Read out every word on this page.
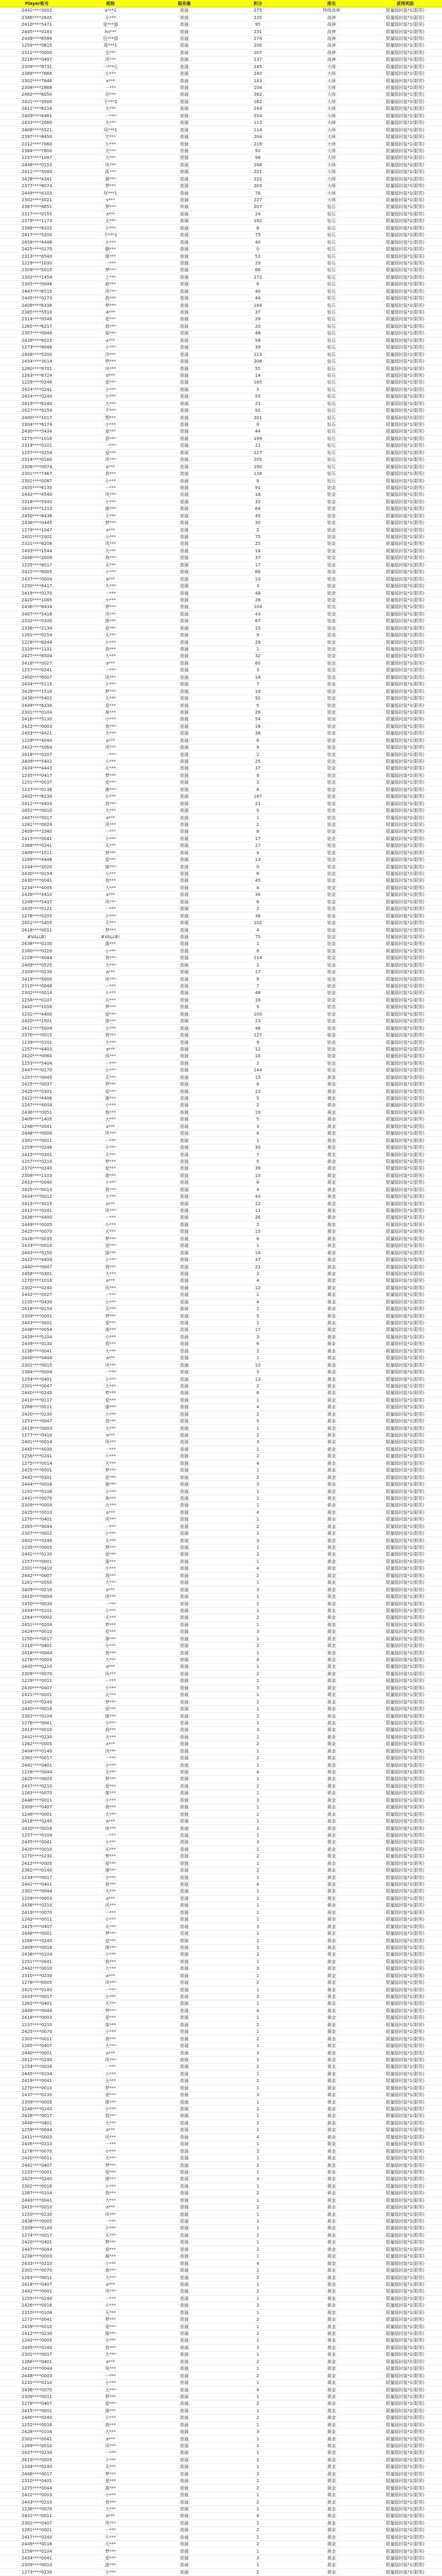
Player账号	昵称	服务器	积分	排名	获得奖励
2441****3002	a***1	普通	275	特级战神	限量版时装*1(限男)
2386****2645	小***	普通	235	战神	限量版时装*1(限男)
2410****5471	爱***猫	普通	95	战神	限量版时装*1(限男)
2445****0183	ho***	普通	231	战神	限量版时装*1(限男)
2449****6589	狂***情	普通	274	战神	限量版时装*1(限男)
1259****0615	周***1	普通	200	战神	限量版时装*1(限男)
2311****0000	宝***	普通	207	战神	限量版时装*1(限男)
2216****0497	风***	普通	137	战神	限量版时装*1(限男)
2309****9731	一***心	普通	245	大师	限量版时装*1(限男)
2389****7666	小***	普通	240	大师	限量版时装*1(限男)
2302****7846	a***	普通	143	大师	限量版时装*1(限男)
2308****2868	一***	普通	104	大师	限量版时装*1(限男)
2462****6050	吊***	普通	262	大师	限量版时装*1(限男)
2421****3500	不***2	普通	162	大师	限量版时装*1(限男)
2411****6216	大***	普通	243	大师	限量版时装*1(限男)
2409****4461	一***	普通	254	大师	限量版时装*1(限男)
2433****2080	大***	普通	113	大师	限量版时装*1(限男)
2408****5521	风***1	普通	114	大师	限量版时装*1(限男)
2397****8450	宇***	普通	204	大师	限量版时装*1(限男)
2312****7060	小***	普通	219	大师	限量版时装*1(限男)
2384****7600	无***	普通	92	大师	限量版时装*1(限男)
1257****1047	大***	普通	98	大师	限量版时装*1(限男)
2448****0153	风***	普通	248	大师	限量版时装*1(限男)
2411****5040	孤***	普通	221	大师	限量版时装*1(限男)
2428****4341	晨***	普通	222	大师	限量版时装*1(限男)
2377****8074	梦***	普通	203	大师	限量版时装*1(限男)
2449****4103	好***1	普通	76	大师	限量版时装*1(限男)
2302****3021	s***	普通	227	大师	限量版时装*1(限男)
2387****4651	梦***	普通	207	钻石	限量版时装*1(限男)
2317****0155	a***	普通	24	钻石	限量版时装*1(限男)
2379****1173	天***	普通	182	钻石	限量版时装*1(限男)
2388****8102	小***	普通	6	钻石	限量版时装*1(限男)
2417****5200	不***1	普通	75	钻石	限量版时装*1(限男)
2459****4448	小***	普通	40	钻石	限量版时装*1(限男)
2425****0170	静***	普通	0	钻石	限量版时装*1(限男)
2313****6540	落***	普通	53	钻石	限量版时装*1(限男)
1229****1030	一***	普通	29	钻石	限量版时装*1(限男)
2309****5015	梦***	普通	66	钻石	限量版时装*1(限男)
2302****1454	上***	普通	172	钻石	限量版时装*1(限男)
2305****0046	暗***	普通	6	钻石	限量版时装*1(限男)
2447****6515	风***	普通	40	钻石	限量版时装*1(限男)
2445****0173	我***	普通	44	钻石	限量版时装*1(限男)
2409****6338	梦***	普通	184	钻石	限量版时装*1(限男)
2385****5510	A***	普通	37	钻石	限量版时装*1(限男)
2314****0548	花***	普通	28	钻石	限量版时装*1(限男)
1265****6217	我***	普通	20	钻石	限量版时装*1(限男)
2307****0049	菊***	普通	48	钻石	限量版时装*1(限男)
2439****6015	a***	普通	58	钻石	限量版时装*1(限男)
1273****8048	小***	普通	39	钻石	限量版时装*1(限男)
2448****5200	冷***	普通	213	钻石	限量版时装*1(限男)
2454****3014	梦***	普通	208	钻石	限量版时装*1(限男)
1260****9701	风***	普通	55	钻石	限量版时装*1(限男)
1263****6724	d***	普通	14	钻石	限量版时装*1(限男)
1229****0246	爱***	普通	165	钻石	限量版时装*1(限男)
2424****0241	小***	普通	5	钻石	限量版时装*1(限男)
2424****0240	小***	普通	55	钻石	限量版时装*1(限男)
2419****6140	大***	普通	21	钻石	限量版时装*1(限男)
2427****0154	不***	普通	92	钻石	限量版时装*1(限男)
2400****1017	想***	普通	201	钻石	限量版时装*1(限男)
2304****6174	小***	普通	8	钻石	限量版时装*1(限男)
2430****5434	爱***	普通	44	钻石	限量版时装*1(限男)
1275****1018	香***	普通	199	钻石	限量版时装*1(限男)
2319****0101	一***	普通	21	钻石	限量版时装*1(限男)
1257****0254	爱***	普通	227	钻石	限量版时装*1(限男)
2314****0160	风***	普通	205	钻石	限量版时装*1(限男)
2306****0074	a***	普通	190	钻石	限量版时装*1(限男)
2301****7467	我***	普通	139	钻石	限量版时装*1(限男)
2301****0087	小***	普通	8	钻石	限量版时装*1(限男)
2455****6135	一***	普通	91	铂金	限量版时装*1(限男)
2442****4540	风***	普通	18	铂金	限量版时装*1(限男)
2318****5540	小***	普通	32	铂金	限量版时装*1(限男)
2433****1213	落***	普通	64	铂金	限量版时装*1(限男)
2450****6436	天***	普通	45	铂金	限量版时装*1(限男)
2436****0445	梦***	普通	30	铂金	限量版时装*1(限男)
1279****1047	a***	普通	2	铂金	限量版时装*1(限男)
2401****2001	小***	普通	75	铂金	限量版时装*1(限男)
2321****8206	风***	普通	25	铂金	限量版时装*1(限男)
2403****1544	大***	普通	18	铂金	限量版时装*1(限男)
2446****2009	我***	普通	37	铂金	限量版时装*1(限男)
1225****8017	天***	普通	17	铂金	限量版时装*1(限男)
2422****6005	小***	普通	66	铂金	限量版时装*1(限男)
2437****0004	a***	普通	10	铂金	限量版时装*1(限男)
1250****6417	大***	普通	3	铂金	限量版时装*1(限男)
2419****0170	一***	普通	48	铂金	限量版时装*1(限男)
2420****1065	小***	普通	26	铂金	限量版时装*1(限男)
2436****8434	梦***	普通	104	铂金	限量版时装*1(限男)
2407****5418	风***	普通	43	铂金	限量版时装*1(限男)
2332****0300	落***	普通	67	铂金	限量版时装*1(限男)
2336****2134	爱***	普通	15	铂金	限量版时装*1(限男)
1261****0154	天***	普通	9	铂金	限量版时装*1(限男)
1228****8244	小***	普通	29	铂金	限量版时装*1(限男)
2329****1131	我***	普通	1	铂金	限量版时装*1(限男)
2427****6504	大***	普通	32	铂金	限量版时装*1(限男)
2418****0027	a***	普通	80	铂金	限量版时装*1(限男)
1257****0241	一***	普通	3	铂金	限量版时装*1(限男)
2450****6007	风***	普通	18	铂金	限量版时装*1(限男)
2434****5115	小***	普通	7	铂金	限量版时装*1(限男)
2429****1510	梦***	普通	10	铂金	限量版时装*1(限男)
2436****5402	天***	普通	92	铂金	限量版时装*1(限男)
2449****6330	爱***	普通	5	铂金	限量版时装*1(限男)
2301****0104	落***	普通	26	铂金	限量版时装*1(限男)
2416****5130	小***	普通	54	铂金	限量版时装*1(限男)
2422****0003	我***	普通	16	铂金	限量版时装*1(限男)
2453****4421	大***	普通	38	铂金	限量版时装*1(限男)
1229****4040	a***	普通	6	铂金	限量版时装*1(限男)
2422****5064	风***	普通	9	铂金	限量版时装*1(限男)
2418****0207	一***	普通	2	铂金	限量版时装*1(限男)
2409****5402	小***	普通	25	铂金	限量版时装*1(限男)
2434****4443	天***	普通	37	铂金	限量版时装*1(限男)
1235****0417	梦***	普通	9	铂金	限量版时装*1(限男)
1251****0037	爱***	普通	3	铂金	限量版时装*1(限男)
1227****0136	落***	普通	6	铂金	限量版时装*1(限男)
2402****6230	小***	普通	187	铂金	限量版时装*1(限男)
2411****4403	我***	普通	21	铂金	限量版时装*1(限男)
2451****0010	大***	普通	5	铂金	限量版时装*1(限男)
2407****5017	a***	普通	1	铂金	限量版时装*1(限男)
1261****0024	风***	普通	2	铂金	限量版时装*1(限男)
2409****3340	一***	普通	8	铂金	限量版时装*1(限男)
2415****0041	小***	普通	17	铂金	限量版时装*1(限男)
2368****0241	天***	普通	27	铂金	限量版时装*1(限男)
2409****1511	梦***	普通	4	铂金	限量版时装*1(限男)
1249****4448	爱***	普通	13	铂金	限量版时装*1(限男)
1244****2020	落***	普通	0	铂金	限量版时装*1(限男)
2430****0154	小***	普通	8	铂金	限量版时装*1(限男)
2430****0041	我***	普通	45	铂金	限量版时装*1(限男)
1234****4005	大***	普通	4	铂金	限量版时装*1(限男)
2426****4410	a***	普通	36	铂金	限量版时装*1(限男)
1249****5437	风***	普通	6	铂金	限量版时装*1(限男)
2435****0121	一***	普通	2	铂金	限量版时装*1(限男)
1278****0205	小***	普通	36	铂金	限量版时装*1(限男)
2451****5455	天***	普通	102	铂金	限量版时装*1(限男)
2418****0011	梦***	普通	4	铂金	限量版时装*1(限男)
#VALUE!	#VALUE!	普通	75	铂金	限量版时装*1(限男)
2438****0100	落***	普通	1	铂金	限量版时装*1(限男)
2380****0220	小***	普通	8	铂金	限量版时装*1(限男)
1228****4044	我***	普通	114	铂金	限量版时装*1(限男)
2409****0525	大***	普通	2	铂金	限量版时装*1(限男)
2309****0230	a***	普通	17	铂金	限量版时装*1(限男)
2419****5000	风***	普通	9	铂金	限量版时装*1(限男)
2310****0048	一***	普通	7	铂金	限量版时装*1(限男)
2302****0014	小***	普通	48	铂金	限量版时装*1(限男)
1256****0107	天***	普通	16	铂金	限量版时装*1(限男)
2442****1016	梦***	普通	5	铂金	限量版时装*1(限男)
1231****4400	爱***	普通	100	铂金	限量版时装*1(限男)
2420****1501	落***	普通	23	铂金	限量版时装*1(限男)
2411****5004	小***	普通	46	铂金	限量版时装*1(限男)
2370****0015	我***	普通	127	铂金	限量版时装*1(限男)
1239****0101	大***	普通	9	铂金	限量版时装*1(限男)
1257****4403	a***	普通	12	铂金	限量版时装*1(限男)
2420****0060	风***	普通	10	铂金	限量版时装*1(限男)
1253****5404	一***	普通	2	铂金	限量版时装*1(限男)
2447****0170	小***	普通	144	铂金	限量版时装*1(限男)
1257****0045	天***	普通	15	黄金	限量版时装*1(限男)
2425****0037	梦***	普通	8	黄金	限量版时装*1(限男)
2425****0301	爱***	普通	23	黄金	限量版时装*1(限男)
2422****4406	落***	普通	5	黄金	限量版时装*1(限男)
1247****4004	小***	普通	2	黄金	限量版时装*1(限男)
2436****0051	我***	普通	19	黄金	限量版时装*1(限男)
2409****1405	大***	普通	5	黄金	限量版时装*1(限男)
1248****0041	a***	普通	3	黄金	限量版时装*1(限男)
2448****0006	风***	普通	8	黄金	限量版时装*1(限男)
2301****0011	一***	普通	1	黄金	限量版时装*1(限男)
1259****0246	小***	普通	30	黄金	限量版时装*1(限男)
2415****0301	天***	普通	7	黄金	限量版时装*1(限男)
1257****0210	梦***	普通	5	黄金	限量版时装*1(限男)
2370****0240	爱***	普通	39	黄金	限量版时装*1(限男)
2308****1103	落***	普通	10	黄金	限量版时装*1(限男)
2433****0040	小***	普通	6	黄金	限量版时装*1(限男)
2425****0013	我***	普通	4	黄金	限量版时装*1(限男)
2434****0012	大***	普通	43	黄金	限量版时装*1(限男)
2413****3015	a***	普通	12	黄金	限量版时装*1(限男)
2412****0241	风***	普通	11	黄金	限量版时装*1(限男)
2438****4400	一***	普通	26	黄金	限量版时装*1(限男)
2449****0005	小***	普通	2	黄金	限量版时装*1(限男)
2425****0070	天***	普通	15	黄金	限量版时装*1(限男)
2426****0035	梦***	普通	8	黄金	限量版时装*1(限男)
2433****0010	爱***	普通	1	黄金	限量版时装*1(限男)
2443****0150	落***	普通	14	黄金	限量版时装*1(限男)
2422****4404	小***	普通	37	黄金	限量版时装*1(限男)
2440****0047	我***	普通	21	黄金	限量版时装*1(限男)
2458****0301	大***	普通	3	黄金	限量版时装*1(限男)
1270****1016	a***	普通	4	黄金	限量版时装*1(限男)
2302****0240	风***	普通	12	黄金	限量版时装*1(限男)
2442****0027	一***	普通	1	黄金	限量版时装*1(限男)
1235****0430	小***	普通	4	黄金	限量版时装*1(限男)
2418****0154	天***	普通	2	黄金	限量版时装*1(限男)
2309****0001	梦***	普通	5	黄金	限量版时装*1(限男)
2443****3001	爱***	普通	1	黄金	限量版时装*1(限男)
2448****0054	落***	普通	17	黄金	限量版时装*1(限男)
2439****5104	小***	普通	3	黄金	限量版时装*1(限男)
2449****0130	我***	普通	6	黄金	限量版时装*1(限男)
1236****0041	大***	普通	2	黄金	限量版时装*1(限男)
2440****0404	a***	普通	1	黄金	限量版时装*1(限男)
2301****0015	风***	普通	10	黄金	限量版时装*1(限男)
2364****0004	一***	普通	3	黄金	限量版时装*1(限男)
1254****0401	小***	普通	13	黄金	限量版时装*1(限男)
2301****0047	天***	普通	2	黄金	限量版时装*1(限男)
2440****0240	梦***	普通	6	黄金	限量版时装*1(限男)
2410****0117	爱***	普通	1	黄金	限量版时装*1(限男)
1268****0011	落***	普通	4	黄金	限量版时装*1(限男)
2420****0230	小***	普通	2	黄金	限量版时装*1(限男)
1253****0047	我***	普通	5	黄金	限量版时装*1(限男)
2419****0003	大***	普通	1	黄金	限量版时装*1(限男)
1277****0410	a***	普通	2	黄金	限量版时装*1(限男)
2401****0014	风***	普通	3	黄金	限量版时装*1(限男)
2445****4030	一***	普通	1	黄金	限量版时装*1(限男)
1256****0241	小***	普通	2	黄金	限量版时装*1(限男)
1275****0014	天***	普通	4	黄金	限量版时装*1(限男)
2425****0001	梦***	普通	1	黄金	限量版时装*1(限男)
2442****0301	爱***	普通	2	黄金	限量版时装*1(限男)
2444****0016	落***	普通	3	黄金	限量版时装*1(限男)
1241****0106	小***	普通	1	黄金	限量版时装*1(限男)
2441****0070	我***	普通	2	黄金	限量版时装*1(限男)
2309****0004	大***	普通	1	黄金	限量版时装*1(限男)
2425****0010	a***	普通	4	黄金	限量版时装*1(限男)
1270****0401	风***	普通	1	黄金	限量版时装*1(限男)
2365****0044	一***	普通	2	黄金	限量版时装*1(限男)
2307****0002	小***	普通	1	黄金	限量版时装*1(限男)
2402****0240	天***	普通	3	黄金	限量版时装*1(限男)
1235****0005	梦***	普通	1	黄金	限量版时装*1(限男)
2441****0130	爱***	普通	2	黄金	限量版时装*1(限男)
1257****0001	落***	普通	1	黄金	限量版时装*1(限男)
2301****0410	小***	普通	4	黄金	限量版时装*1(限男)
2442****0007	我***	普通	2	黄金	限量版时装*1(限男)
1261****0050	大***	普通	1	黄金	限量版时装*1(限男)
2409****0210	a***	普通	3	黄金	限量版时装*1(限男)
2410****0004	风***	普通	1	黄金	限量版时装*1(限男)
2450****0030	一***	普通	2	黄金	限量版时装*1(限男)
2434****0101	小***	普通	1	黄金	限量版时装*1(限男)
1264****0002	天***	普通	2	黄金	限量版时装*1(限男)
2451****0204	梦***	普通	1	黄金	限量版时装*1(限男)
2424****0010	爱***	普通	3	黄金	限量版时装*1(限男)
1250****0017	落***	普通	1	黄金	限量版时装*1(限男)
2310****0401	小***	普通	2	黄金	限量版时装*1(限男)
2418****0044	我***	普通	1	黄金	限量版时装*1(限男)
1278****0003	大***	普通	4	黄金	限量版时装*1(限男)
2445****0210	a***	普通	1	黄金	限量版时装*1(限男)
2309****0070	风***	普通	2	黄金	限量版时装*1(限男)
1229****0011	一***	普通	1	黄金	限量版时装*1(限男)
2430****0407	小***	普通	3	黄金	限量版时装*1(限男)
2421****0001	天***	普通	1	黄金	限量版时装*1(限男)
1245****0240	梦***	普通	2	黄金	限量版时装*1(限男)
2440****0016	爱***	普通	1	黄金	限量版时装*1(限男)
2302****0104	落***	普通	2	黄金	限量版时装*1(限男)
1276****0041	小***	普通	1	黄金	限量版时装*1(限男)
2413****0010	我***	普通	3	黄金	限量版时装*1(限男)
2442****0230	大***	普通	1	黄金	限量版时装*1(限男)
1262****0005	a***	普通	2	黄金	限量版时装*1(限男)
2404****0140	风***	普通	1	黄金	限量版时装*1(限男)
2361****0017	一***	普通	2	黄金	限量版时装*1(限男)
2441****0401	小***	普通	1	黄金	限量版时装*1(限男)
1228****0044	天***	普通	4	黄金	限量版时装*1(限男)
2425****0003	梦***	普通	1	黄金	限量版时装*1(限男)
2437****0210	爱***	普通	2	黄金	限量版时装*1(限男)
1263****0070	落***	普通	1	黄金	限量版时装*1(限男)
2448****0011	小***	普通	3	黄金	限量版时装*1(限男)
2309****0407	我***	普通	1	黄金	限量版时装*1(限男)
1248****0001	大***	普通	2	黄金	限量版时装*1(限男)
2418****0240	a***	普通	1	黄金	限量版时装*1(限男)
2430****0016	风***	普通	2	黄金	限量版时装*1(限男)
1257****0104	一***	普通	1	黄金	限量版时装*1(限男)
2445****0041	小***	普通	3	黄金	限量版时装*1(限男)
2420****0010	天***	普通	1	黄金	限量版时装*1(限男)
1270****0230	梦***	普通	2	黄金	限量版时装*1(限男)
2412****0005	爱***	普通	1	黄金	限量版时装*1(限男)
2362****0140	落***	普通	2	黄金	限量版时装*1(限男)
1234****0017	小***	普通	1	黄金	限量版时装*1(限男)
2441****0401	我***	普通	4	黄金	限量版时装*1(限男)
2301****0044	大***	普通	1	黄金	限量版时装*1(限男)
1259****0003	a***	普通	2	黄金	限量版时装*1(限男)
2438****0210	风***	普通	1	黄金	限量版时装*1(限男)
2419****0070	一***	普通	2	黄金	限量版时装*1(限男)
1243****0011	小***	普通	1	黄金	限量版时装*1(限男)
2425****0407	天***	普通	3	黄金	限量版时装*1(限男)
2448****0001	梦***	普通	1	黄金	限量版时装*1(限男)
1268****0240	爱***	普通	2	黄金	限量版时装*1(限男)
2409****0016	落***	普通	1	黄金	限量版时装*1(限男)
2436****0104	小***	普通	2	黄金	限量版时装*1(限男)
1251****0041	我***	普通	1	黄金	限量版时装*1(限男)
2442****0010	大***	普通	3	黄金	限量版时装*1(限男)
2310****0230	a***	普通	1	黄金	限量版时装*1(限男)
1276****0005	风***	普通	2	黄金	限量版时装*1(限男)
2421****0140	一***	普通	1	黄金	限量版时装*1(限男)
2433****0017	小***	普通	2	黄金	限量版时装*1(限男)
1262****0401	天***	普通	1	黄金	限量版时装*1(限男)
2449****0044	梦***	普通	4	黄金	限量版时装*1(限男)
2418****0003	爱***	普通	1	黄金	限量版时装*1(限男)
1237****0210	落***	普通	2	黄金	限量版时装*1(限男)
2425****0070	小***	普通	1	黄金	限量版时装*1(限男)
2302****0011	我***	普通	2	黄金	限量版时装*1(限男)
1265****0407	大***	普通	1	黄金	限量版时装*1(限男)
2440****0001	a***	普通	3	黄金	限量版时装*1(限男)
2412****0240	风***	普通	1	黄金	限量版时装*1(限男)
1254****0016	一***	普通	2	黄金	限量版时装*1(限男)
2445****0104	小***	普通	1	黄金	限量版时装*1(限男)
2419****0041	天***	普通	2	黄金	限量版时装*1(限男)
1270****0010	梦***	普通	1	黄金	限量版时装*1(限男)
2437****0230	爱***	普通	3	黄金	限量版时装*1(限男)
2309****0005	落***	普通	1	黄金	限量版时装*1(限男)
1246****0140	小***	普通	2	黄金	限量版时装*1(限男)
2428****0017	我***	普通	1	黄金	限量版时装*1(限男)
2448****0401	大***	普通	2	黄金	限量版时装*1(限男)
1259****0044	a***	普通	1	黄金	限量版时装*1(限男)
2411****0003	风***	普通	4	黄金	限量版时装*1(限男)
2436****0210	一***	普通	1	黄金	限量版时装*1(限男)
1278****0070	小***	普通	2	黄金	限量版时装*1(限男)
2420****0011	天***	普通	1	黄金	限量版时装*1(限男)
2441****0407	梦***	普通	2	黄金	限量版时装*1(限男)
1233****0001	爱***	普通	1	黄金	限量版时装*1(限男)
2425****0240	落***	普通	3	黄金	限量版时装*1(限男)
2302****0016	小***	普通	1	黄金	限量版时装*1(限男)
1267****0104	我***	普通	2	黄金	限量版时装*1(限男)
2443****0041	大***	普通	1	黄金	限量版时装*1(限男)
2415****0010	a***	普通	2	黄金	限量版时装*1(限男)
1250****0230	风***	普通	1	黄金	限量版时装*1(限男)
2438****0005	一***	普通	3	黄金	限量版时装*1(限男)
2309****0140	小***	普通	1	黄金	限量版时装*1(限男)
1274****0017	天***	普通	2	黄金	限量版时装*1(限男)
2420****0401	梦***	普通	1	黄金	限量版时装*1(限男)
2447****0044	爱***	普通	2	黄金	限量版时装*1(限男)
1238****0003	落***	普通	1	黄金	限量版时装*1(限男)
2433****0210	小***	普通	4	黄金	限量版时装*1(限男)
2301****0070	我***	普通	1	黄金	限量版时装*1(限男)
1263****0011	大***	普通	2	黄金	限量版时装*1(限男)
2418****0407	a***	普通	1	黄金	限量版时装*1(限男)
2442****0001	风***	普通	2	黄金	限量版时装*1(限男)
1255****0240	一***	普通	1	黄金	限量版时装*1(限男)
2426****0016	小***	普通	3	黄金	限量版时装*1(限男)
2310****0104	天***	普通	1	黄金	限量版时装*1(限男)
1272****0041	梦***	普通	2	黄金	限量版时装*1(限男)
2439****0010	爱***	普通	1	黄金	限量版时装*1(限男)
2412****0230	落***	普通	2	黄金	限量版时装*1(限男)
1242****0005	小***	普通	1	黄金	限量版时装*1(限男)
2445****0140	我***	普通	3	黄金	限量版时装*1(限男)
2301****0017	大***	普通	1	黄金	限量版时装*1(限男)
1266****0401	a***	普通	2	黄金	限量版时装*1(限男)
2421****0044	风***	普通	1	黄金	限量版时装*1(限男)
2448****0003	一***	普通	2	黄金	限量版时装*1(限男)
1231****0210	小***	普通	1	黄金	限量版时装*1(限男)
2436****0070	天***	普通	4	黄金	限量版时装*1(限男)
2309****0011	梦***	普通	1	黄金	限量版时装*1(限男)
1279****0407	爱***	普通	2	黄金	限量版时装*1(限男)
2415****0001	落***	普通	1	黄金	限量版时装*1(限男)
2440****0240	小***	普通	2	黄金	限量版时装*1(限男)
1252****0016	我***	普通	1	黄金	限量版时装*1(限男)
2428****0104	大***	普通	3	黄金	限量版时装*1(限男)
2302****0041	a***	普通	1	黄金	限量版时装*1(限男)
1269****0010	风***	普通	2	黄金	限量版时装*1(限男)
2437****0230	一***	普通	1	黄金	限量版时装*1(限男)
2419****0005	小***	普通	2	黄金	限量版时装*1(限男)
1244****0140	天***	普通	1	黄金	限量版时装*1(限男)
2446****0017	梦***	普通	3	黄金	限量版时装*1(限男)
2310****0401	爱***	普通	1	黄金	限量版时装*1(限男)
1275****0044	落***	普通	2	黄金	限量版时装*1(限男)
2422****0003	小***	普通	1	黄金	限量版时装*1(限男)
2443****0210	我***	普通	2	黄金	限量版时装*1(限男)
1236****0070	大***	普通	1	黄金	限量版时装*1(限男)
2431****0011	a***	普通	4	黄金	限量版时装*1(限男)
2301****0407	风***	普通	1	黄金	限量版时装*1(限男)
1261****0001	一***	普通	2	黄金	限量版时装*1(限男)
2417****0240	小***	普通	1	黄金	限量版时装*1(限男)
2449****0016	天***	普通	2	黄金	限量版时装*1(限男)
1258****0104	梦***	普通	1	黄金	限量版时装*1(限男)
2434****0041	爱***	普通	3	黄金	限量版时装*1(限男)
2309****0010	落***	普通	1	黄金	限量版时装*1(限男)
1273****0230	小***	普通	2	黄金	限量版时装*1(限男)
